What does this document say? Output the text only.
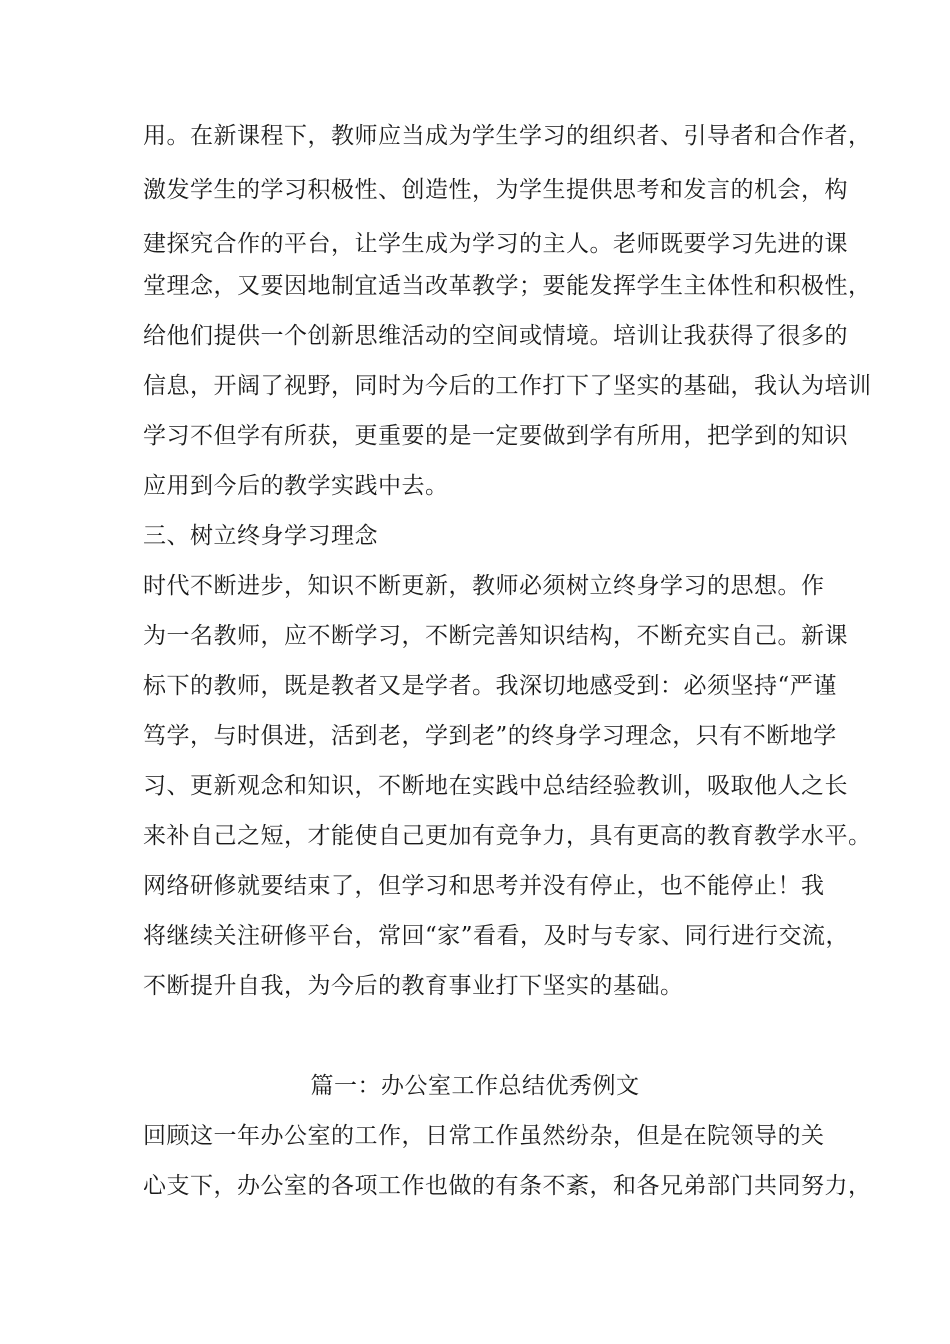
用。在新课程下，教师应当成为学生学习的组织者、引导者和合作者，
激发学生的学习积极性、创造性，为学生提供思考和发言的机会，构
建探究合作的平台，让学生成为学习的主人。老师既要学习先进的课
堂理念，又要因地制宜适当改革教学；要能发挥学生主体性和积极性，
给他们提供一个创新思维活动的空间或情境。培训让我获得了很多的
信息，开阔了视野，同时为今后的工作打下了坚实的基础，我认为培训
学习不但学有所获，更重要的是一定要做到学有所用，把学到的知识
应用到今后的教学实践中去。
三、树立终身学习理念
时代不断进步，知识不断更新，教师必须树立终身学习的思想。作
为一名教师，应不断学习，不断完善知识结构，不断充实自己。新课
标下的教师，既是教者又是学者。我深切地感受到：必须坚持“严谨
笃学，与时俱进，活到老，学到老”的终身学习理念，只有不断地学
习、更新观念和知识，不断地在实践中总结经验教训，吸取他人之长
来补自己之短，才能使自己更加有竞争力，具有更高的教育教学水平。
网络研修就要结束了，但学习和思考并没有停止，也不能停止！我
将继续关注研修平台，常回“家”看看，及时与专家、同行进行交流，
不断提升自我，为今后的教育事业打下坚实的基础。
篇一：办公室工作总结优秀例文
回顾这一年办公室的工作，日常工作虽然纷杂，但是在院领导的关
心支下，办公室的各项工作也做的有条不紊，和各兄弟部门共同努力，
